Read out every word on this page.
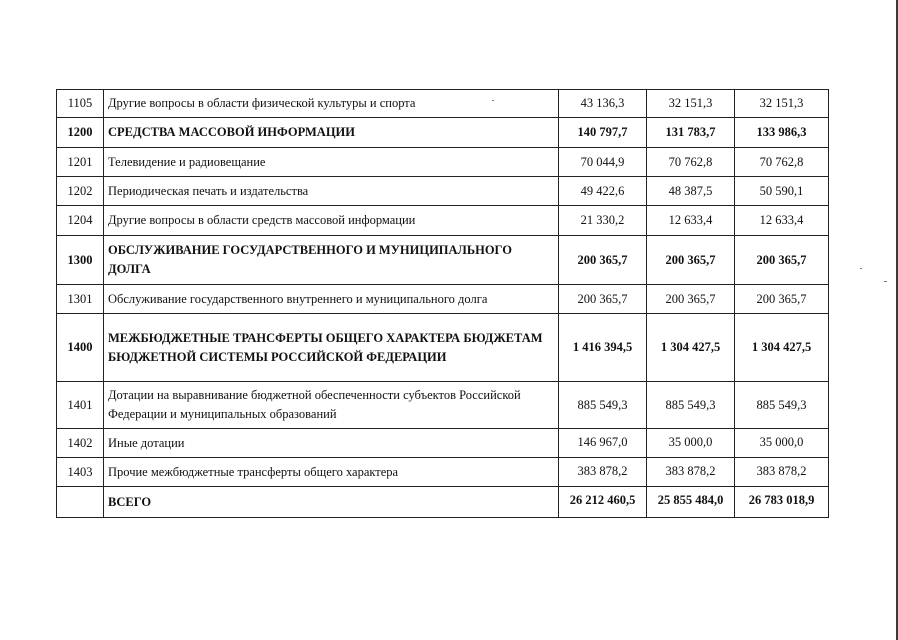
1105	Другие вопросы в области физической культуры и спорта	43 136,3	32 151,3	32 151,3
1200	СРЕДСТВА МАССОВОЙ ИНФОРМАЦИИ	140 797,7	131 783,7	133 986,3
1201	Телевидение и радиовещание	70 044,9	70 762,8	70 762,8
1202	Периодическая печать и издательства	49 422,6	48 387,5	50 590,1
1204	Другие вопросы в области средств массовой информации	21 330,2	12 633,4	12 633,4
1300	ОБСЛУЖИВАНИЕ ГОСУДАРСТВЕННОГО И МУНИЦИПАЛЬНОГО ДОЛГА	200 365,7	200 365,7	200 365,7
1301	Обслуживание государственного внутреннего и муниципального долга	200 365,7	200 365,7	200 365,7
1400	МЕЖБЮДЖЕТНЫЕ ТРАНСФЕРТЫ ОБЩЕГО ХАРАКТЕРА БЮДЖЕТАМ БЮДЖЕТНОЙ СИСТЕМЫ РОССИЙСКОЙ ФЕДЕРАЦИИ	1 416 394,5	1 304 427,5	1 304 427,5
1401	Дотации на выравнивание бюджетной обеспеченности субъектов Российской Федерации и муниципальных образований	885 549,3	885 549,3	885 549,3
1402	Иные дотации	146 967,0	35 000,0	35 000,0
1403	Прочие межбюджетные трансферты общего характера	383 878,2	383 878,2	383 878,2
	ВСЕГО	26 212 460,5	25 855 484,0	26 783 018,9
